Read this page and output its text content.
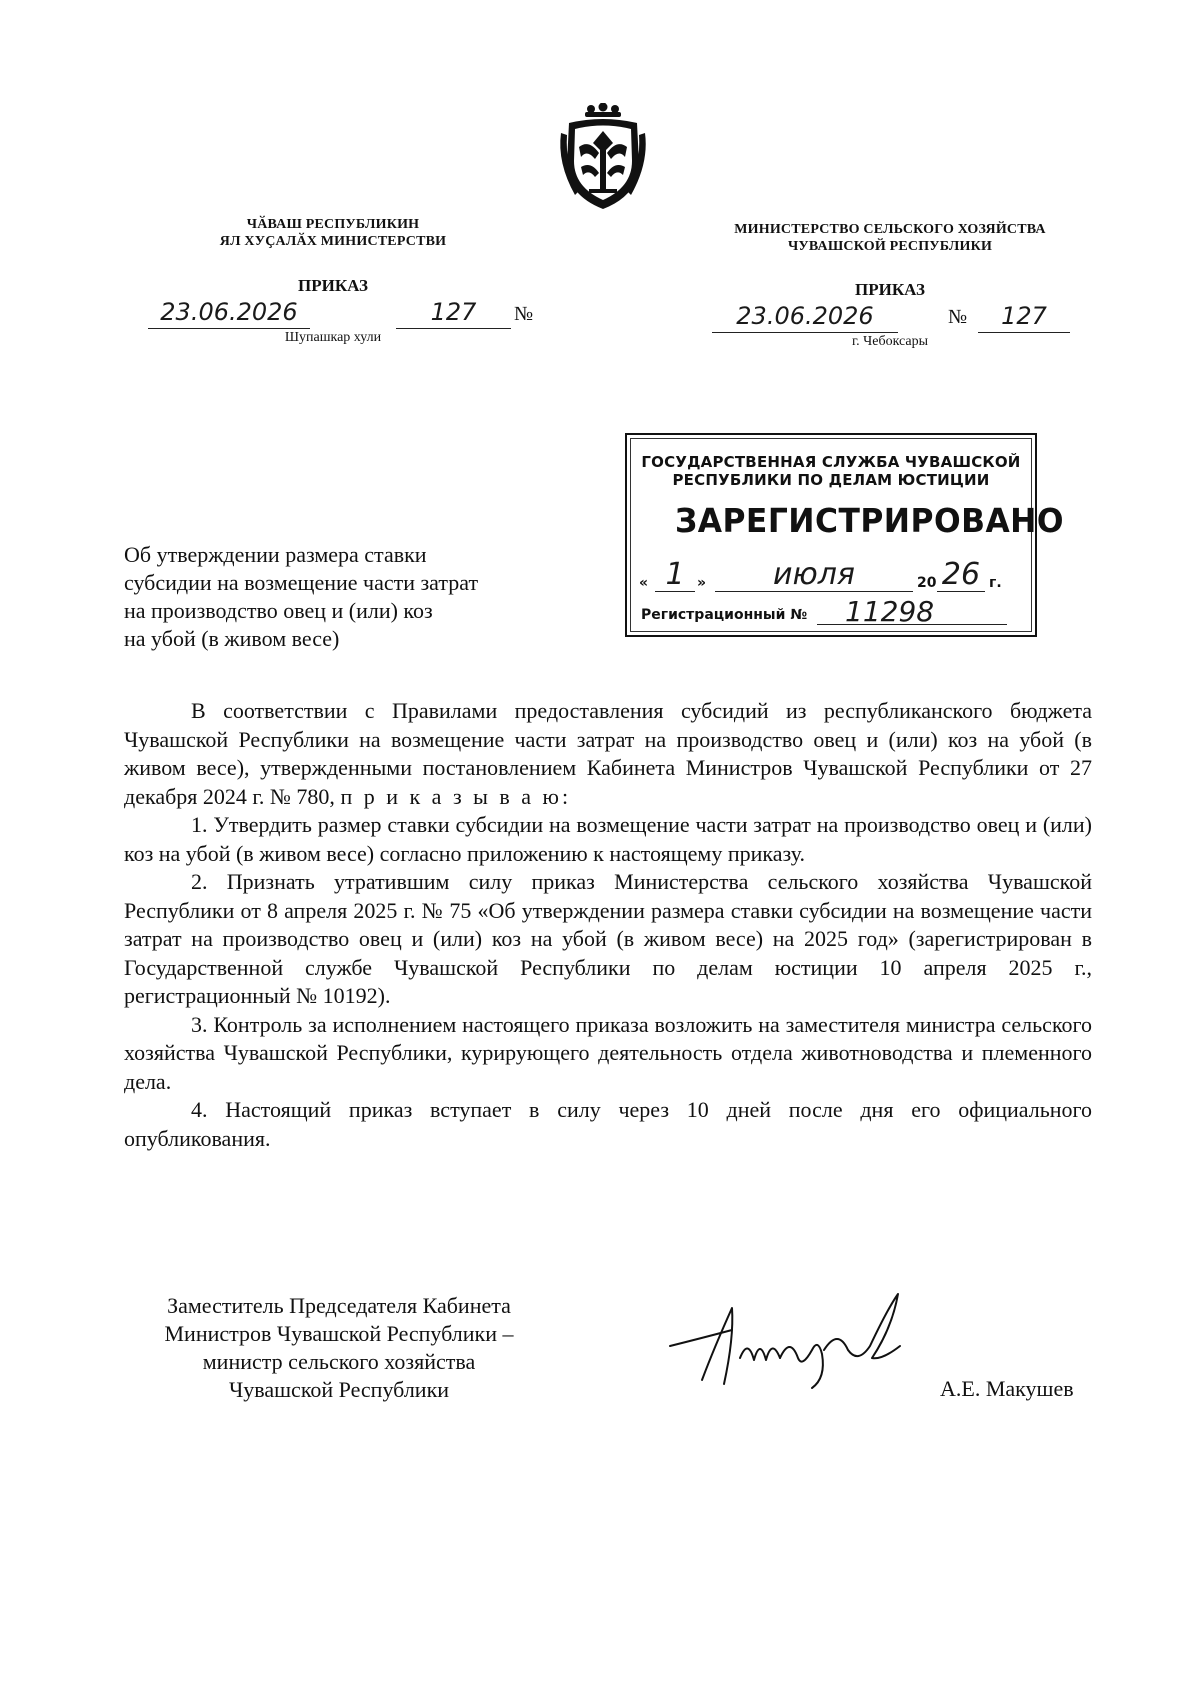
ЧӐВАШ РЕСПУБЛИКИН
ЯЛ ХУҪАЛӐХ МИНИСТЕРСТВИ
ПРИКАЗ
23.06.2026	127	№
Шупашкар хули
МИНИСТЕРСТВО СЕЛЬСКОГО ХОЗЯЙСТВА
ЧУВАШСКОЙ РЕСПУБЛИКИ
ПРИКАЗ
23.06.2026	№	127
г. Чебоксары
ГОСУДАРСТВЕННАЯ СЛУЖБА ЧУВАШСКОЙ
РЕСПУБЛИКИ ПО ДЕЛАМ ЮСТИЦИИ
ЗАРЕГИСТРИРОВАНО
« 1 »	июля	20 26 г.
Регистрационный №	11298
Об утверждении размера ставки
субсидии на возмещение части затрат
на производство овец и (или) коз
на убой (в живом весе)

В соответствии с Правилами предоставления субсидий из республиканского бюджета Чувашской Республики на возмещение части затрат на производство овец и (или) коз на убой (в живом весе), утвержденными постановлением Кабинета Министров Чувашской Республики от 27 декабря 2024 г. № 780, п р и к а з ы в а ю:

1. Утвердить размер ставки субсидии на возмещение части затрат на производство овец и (или) коз на убой (в живом весе) согласно приложению к настоящему приказу.

2. Признать утратившим силу приказ Министерства сельского хозяйства Чувашской Республики от 8 апреля 2025 г. № 75 «Об утверждении размера ставки субсидии на возмещение части затрат на производство овец и (или) коз на убой (в живом весе) на 2025 год» (зарегистрирован в Государственной службе Чувашской Республики по делам юстиции 10 апреля 2025 г., регистрационный № 10192).

3. Контроль за исполнением настоящего приказа возложить на заместителя министра сельского хозяйства Чувашской Республики, курирующего деятельность отдела животноводства и племенного дела.

4. Настоящий приказ вступает в силу через 10 дней после дня его официального опубликования.

Заместитель Председателя Кабинета
Министров Чувашской Республики –
министр сельского хозяйства
Чувашской Республики	А.Е. Макушев
